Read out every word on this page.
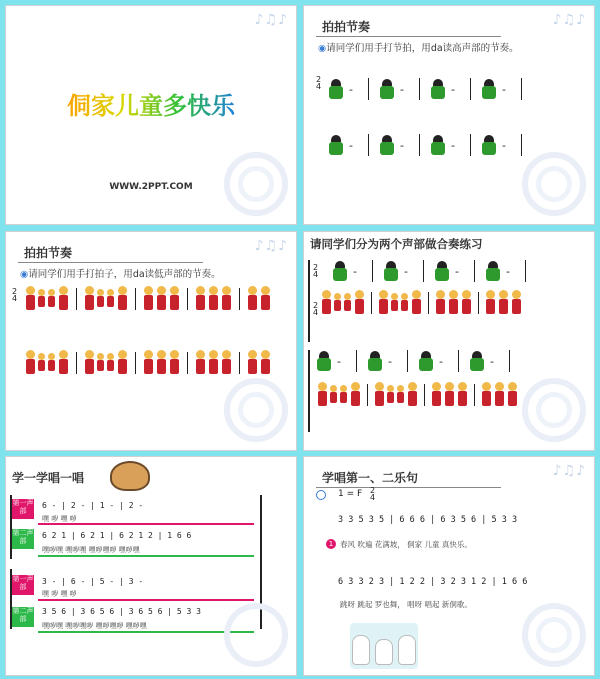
♪♫♪
侗家儿童多快乐
WWW.2PPT.COM
♪♫♪
拍拍节奏
◉请同学们用手打节拍，用da读高声部的节奏。
2
4	-	-	-	-
-	-	-	-
♪♫♪
拍拍节奏
◉请同学们用手打拍子，用da读低声部的节奏。
2
4
请同学们分为两个声部做合奏练习
2
4
2
4
-	-	-	-
-	-	-	-
学一学唱一唱
第一声部
第二声部
第一声部
第二声部
6 - | 2 - | 1 - | 2 -
嘿 哕 嘿 哕
6 2 1 | 6 2 1 | 6 2 1 2 | 1 6 6
嘿哕嘿 嘿哕嘿 嘿哕嘿哕 嘿哕嘿
3 - | 6 - | 5 - | 3 -
嘿 哕 嘿 哕
3 5 6 | 3 6 5 6 | 3 6 5 6 | 5 3 3
嘿哕嘿 嘿哕嘿哕 嘿哕嘿哕 嘿哕嘿
♪♫♪
学唱第一、二乐句
1 = F 2
4
3 3 5 3 5 | 6 6 6 | 6 3 5 6 | 5 3 3
1 春风 吹遍 花满坡， 侗家 儿童 真快乐。
6 3 3 2 3 | 1 2 2 | 3 2 3 1 2 | 1 6 6
跳呀 跳起 罗也舞， 唱呀 唱起 新侗歌。
